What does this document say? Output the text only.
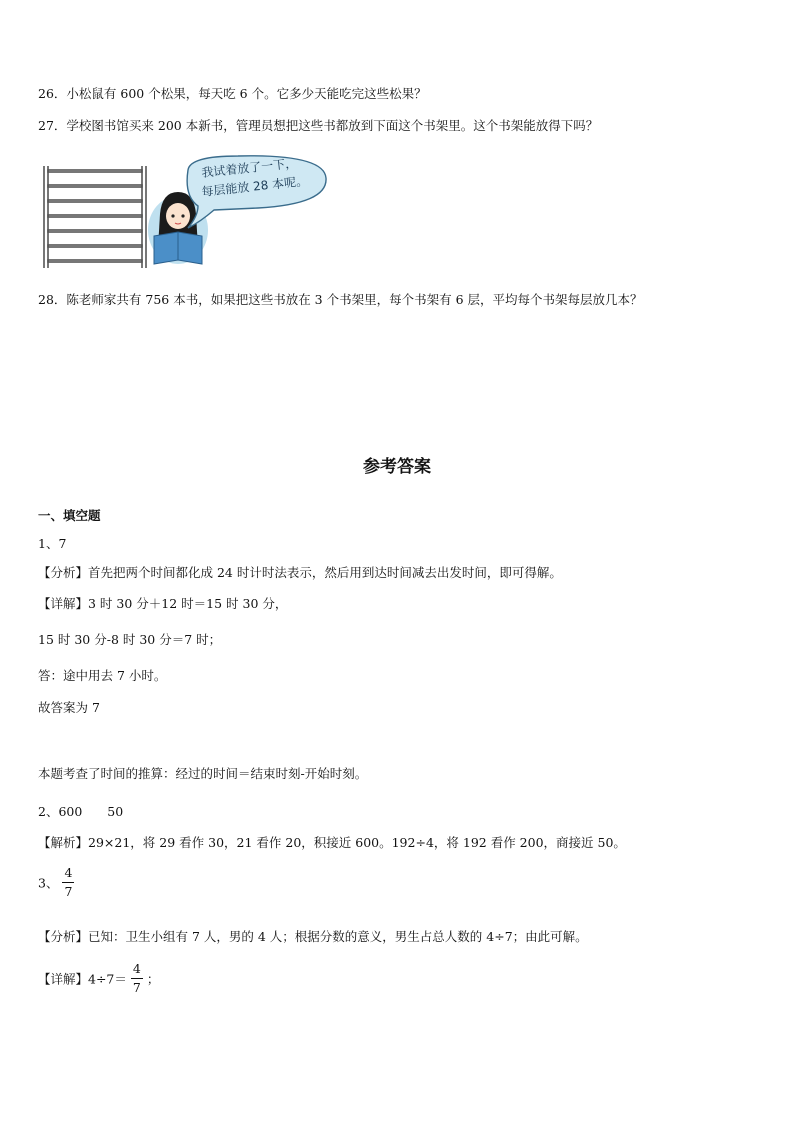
26．小松鼠有 600 个松果，每天吃 6 个。它多少天能吃完这些松果？
27．学校图书馆买来 200 本新书，管理员想把这些书都放到下面这个书架里。这个书架能放得下吗？
我试着放了一下，
每层能放 28 本呢。
28．陈老师家共有 756 本书，如果把这些书放在 3 个书架里，每个书架有 6 层，平均每个书架每层放几本？
参考答案
一、填空题
1、7
【分析】首先把两个时间都化成 24 时计时法表示，然后用到达时间减去出发时间，即可得解。
【详解】3 时 30 分＋12 时＝15 时 30 分，
15 时 30 分-8 时 30 分＝7 时；
答：途中用去 7 小时。
故答案为 7
本题考查了时间的推算：经过的时间＝结束时刻-开始时刻。
2、600　　50
【解析】29×21，将 29 看作 30，21 看作 20，积接近 600。192÷4，将 192 看作 200，商接近 50。
3、 $\frac{4}{7}$
【分析】已知：卫生小组有 7 人，男的 4 人；根据分数的意义，男生占总人数的 4÷7；由此可解。
【详解】$4\div 7= \frac{4}{7}$ ；
